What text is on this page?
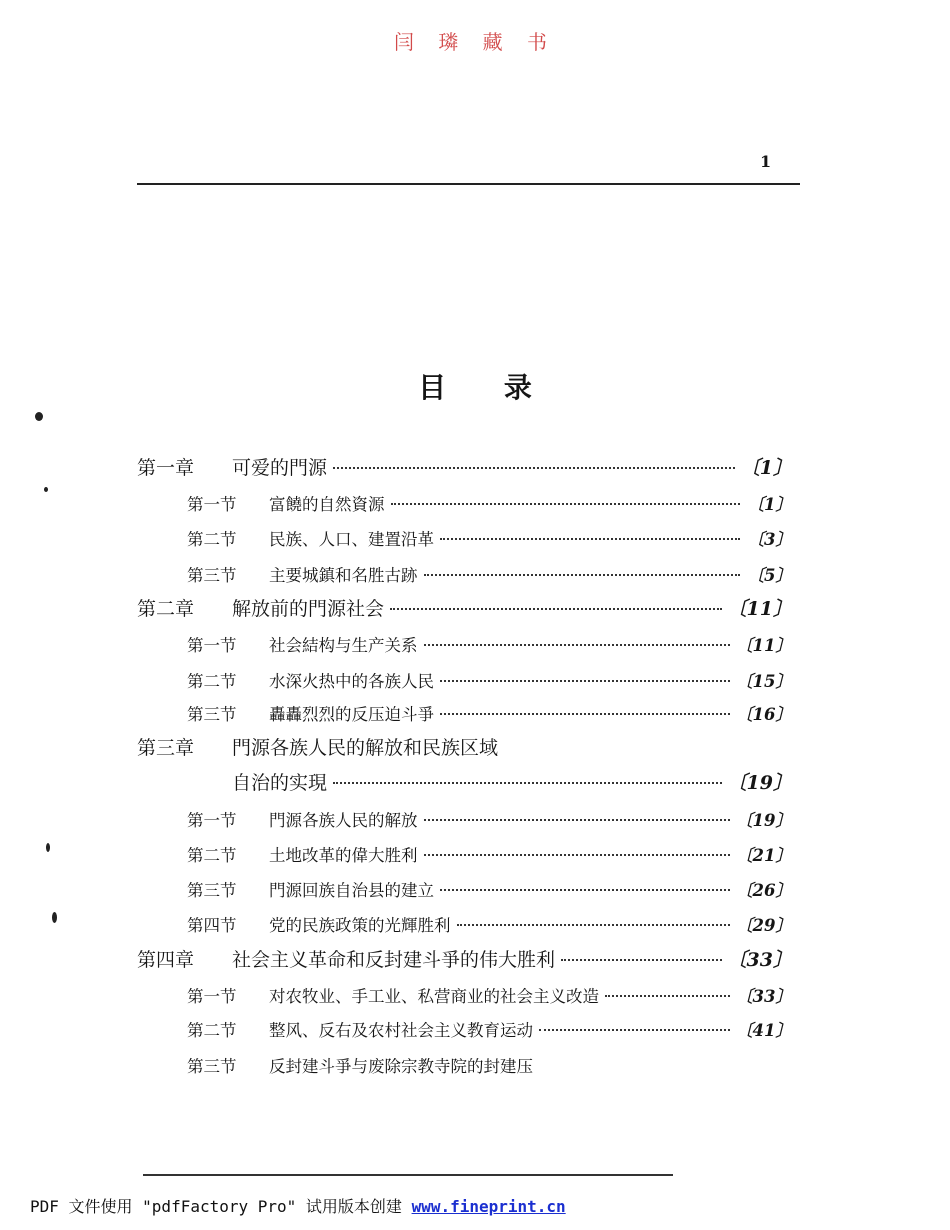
闫 璘 藏 书
1
目 录
第一章	可爱的門源	〔1〕
第一节	富饒的自然資源	〔1〕
第二节	民族、人口、建置沿革	〔3〕
第三节	主要城鎮和名胜古跡	〔5〕
第二章	解放前的門源社会	〔11〕
第一节	社会結构与生产关系	〔11〕
第二节	水深火热中的各族人民	〔15〕
第三节	轟轟烈烈的反压迫斗爭	〔16〕
第三章	門源各族人民的解放和民族区域
自治的实現	〔19〕
第一节	門源各族人民的解放	〔19〕
第二节	土地改革的偉大胜利	〔21〕
第三节	門源回族自治县的建立	〔26〕
第四节	党的民族政策的光輝胜利	〔29〕
第四章	社会主义革命和反封建斗爭的伟大胜利	〔33〕
第一节	对农牧业、手工业、私营商业的社会主义改造	〔33〕
第二节	整风、反右及农村社会主义教育运动	〔41〕
第三节	反封建斗爭与废除宗教寺院的封建压
PDF 文件使用 "pdfFactory Pro" 试用版本创建 www.fineprint.cn
